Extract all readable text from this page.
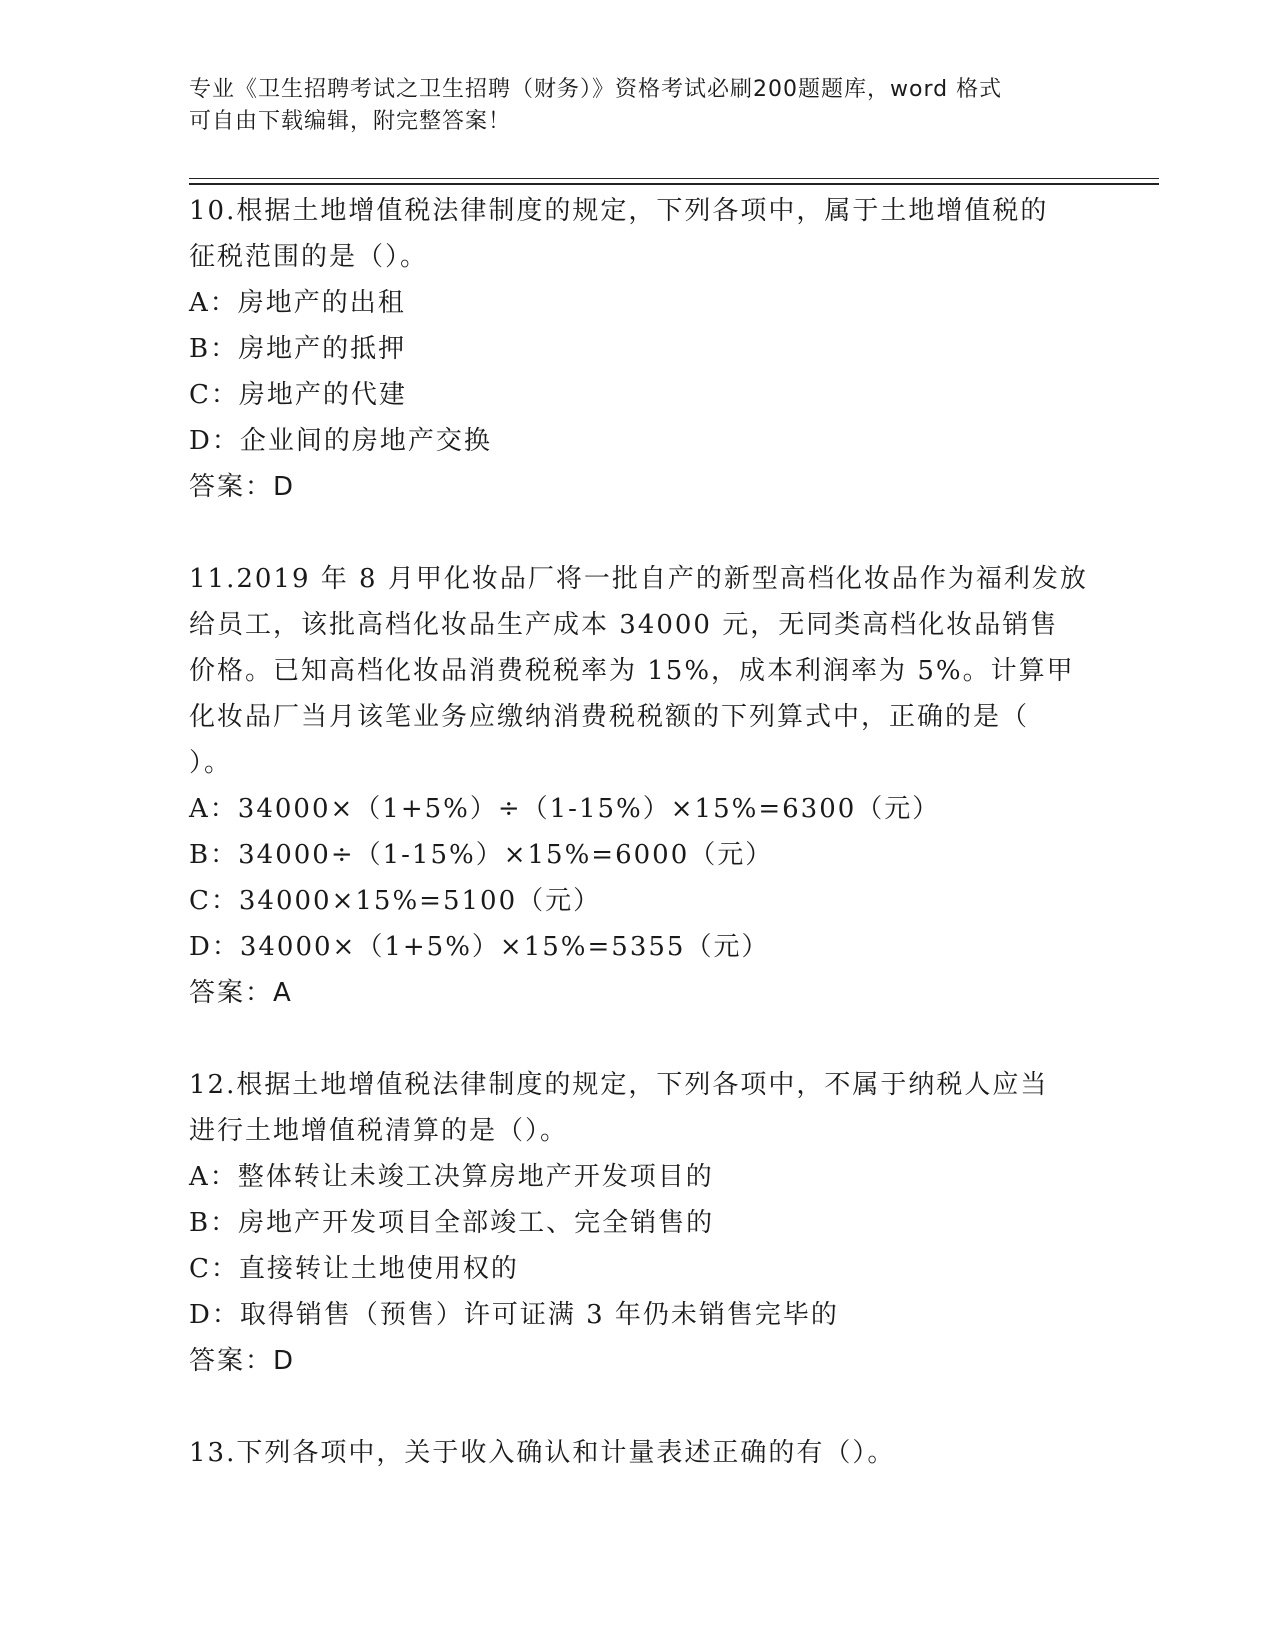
专业《卫生招聘考试之卫生招聘（财务）》资格考试必刷200题题库，word 格式
可自由下载编辑，附完整答案！

10.根据土地增值税法律制度的规定，下列各项中，属于土地增值税的

征税范围的是（）。

A：房地产的出租

B：房地产的抵押

C：房地产的代建

D：企业间的房地产交换

答案：D

11.2019 年 8 月甲化妆品厂将一批自产的新型高档化妆品作为福利发放

给员工，该批高档化妆品生产成本 34000 元，无同类高档化妆品销售

价格。已知高档化妆品消费税税率为 15%，成本利润率为 5%。计算甲

化妆品厂当月该笔业务应缴纳消费税税额的下列算式中，正确的是（

）。

A：34000×（1+5%）÷（1-15%）×15%=6300（元）

B：34000÷（1-15%）×15%=6000（元）

C：34000×15%=5100（元）

D：34000×（1+5%）×15%=5355（元）

答案：A

12.根据土地增值税法律制度的规定，下列各项中，不属于纳税人应当

进行土地增值税清算的是（）。

A：整体转让未竣工决算房地产开发项目的

B：房地产开发项目全部竣工、完全销售的

C：直接转让土地使用权的

D：取得销售（预售）许可证满 3 年仍未销售完毕的

答案：D

13.下列各项中，关于收入确认和计量表述正确的有（）。
